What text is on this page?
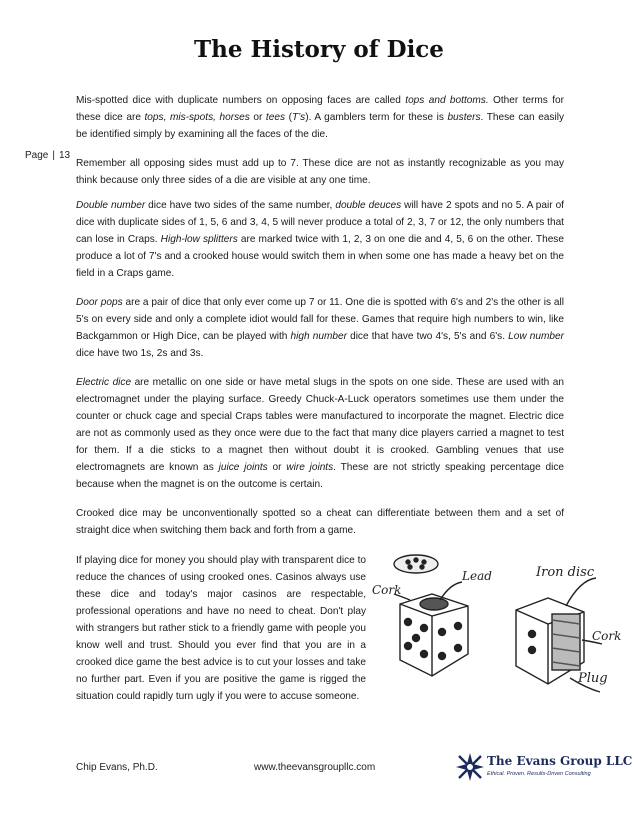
The History of Dice
Page | 13

Mis-spotted dice with duplicate numbers on opposing faces are called tops and bottoms. Other terms for these dice are tops, mis-spots, horses or tees (T’s). A gamblers term for these is busters. These can easily be identified simply by examining all the faces of the die.

Remember all opposing sides must add up to 7. These dice are not as instantly recognizable as you may think because only three sides of a die are visible at any one time.

Double number dice have two sides of the same number, double deuces will have 2 spots and no 5. A pair of dice with duplicate sides of 1, 5, 6 and 3, 4, 5 will never produce a total of 2, 3, 7 or 12, the only numbers that can lose in Craps. High-low splitters are marked twice with 1, 2, 3 on one die and 4, 5, 6 on the other. These produce a lot of 7's and a crooked house would switch them in when some one has made a heavy bet on the field in a Craps game.

Door pops are a pair of dice that only ever come up 7 or 11. One die is spotted with 6's and 2's the other is all 5's on every side and only a complete idiot would fall for these. Games that require high numbers to win, like Backgammon or High Dice, can be played with high number dice that have two 4's, 5's and 6's. Low number dice have two 1s, 2s and 3s.

Electric dice are metallic on one side or have metal slugs in the spots on one side. These are used with an electromagnet under the playing surface. Greedy Chuck-A-Luck operators sometimes use them under the counter or chuck cage and special Craps tables were manufactured to incorporate the magnet. Electric dice are not as commonly used as they once were due to the fact that many dice players carried a magnet to test for them. If a die sticks to a magnet then without doubt it is crooked. Gambling venues that use electromagnets are known as juice joints or wire joints. These are not strictly speaking percentage dice because when the magnet is on the outcome is certain.

Crooked dice may be unconventionally spotted so a cheat can differentiate between them and a set of straight dice when switching them back and forth from a game.

If playing dice for money you should play with transparent dice to reduce the chances of using crooked ones. Casinos always use these dice and today's major casinos are respectable, professional operations and have no need to cheat. Don't play with strangers but rather stick to a friendly game with people you know well and trust. Should you ever find that you are in a crooked dice game the best advice is to cut your losses and take no further part. Even if you are positive the game is rigged the situation could rapidly turn ugly if you were to accuse someone.
Lead
Cork
Iron disc
Cork
Plug
Chip Evans, Ph.D.	www.theevansgroupllc.com	The Evans Group LLC
Ethical. Proven. Results-Driven Consulting
